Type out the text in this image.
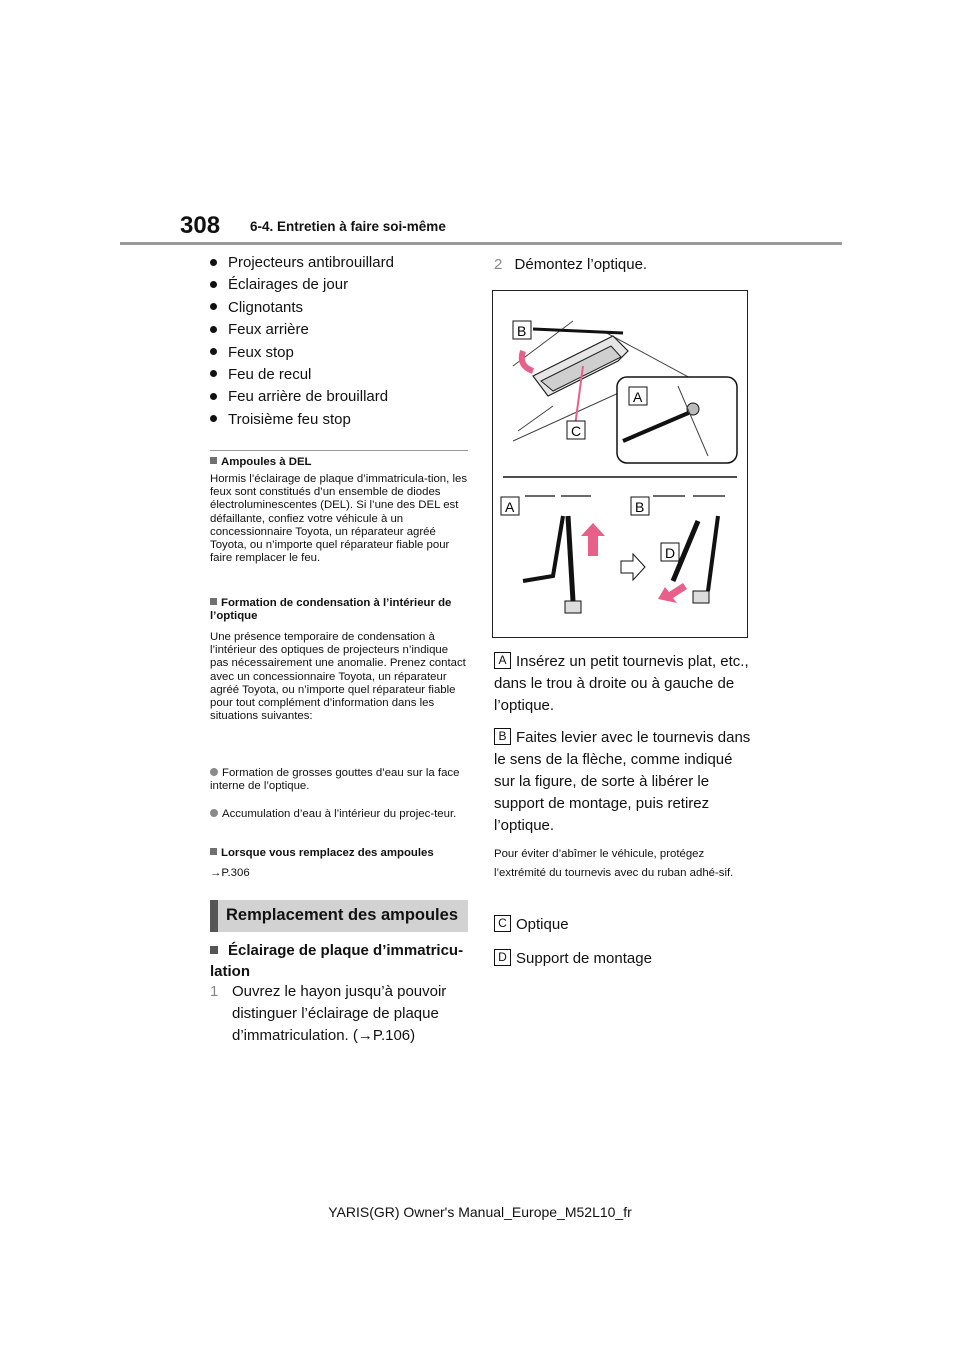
308 6-4. Entretien à faire soi-même
Projecteurs antibrouillard
Éclairages de jour
Clignotants
Feux arrière
Feux stop
Feu de recul
Feu arrière de brouillard
Troisième feu stop
Ampoules à DEL
Hormis l’éclairage de plaque d’immatricula-tion, les feux sont constitués d’un ensemble de diodes électroluminescentes (DEL). Si l’une des DEL est défaillante, confiez votre véhicule à un concessionnaire Toyota, un réparateur agréé Toyota, ou n’importe quel réparateur fiable pour faire remplacer le feu.
Formation de condensation à l’intérieur de l’optique
Une présence temporaire de condensation à l’intérieur des optiques de projecteurs n’indique pas nécessairement une anomalie. Prenez contact avec un concessionnaire Toyota, un réparateur agréé Toyota, ou n’importe quel réparateur fiable pour tout complément d’information dans les situations suivantes:
Formation de grosses gouttes d’eau sur la face interne de l’optique.
Accumulation d’eau à l’intérieur du projec-teur.
Lorsque vous remplacez des ampoules
→P.306
Remplacement des ampoules
Éclairage de plaque d’immatricu-lation
1 Ouvrez le hayon jusqu’à pouvoir distinguer l’éclairage de plaque d’immatriculation. (→P.106)
2 Démontez l’optique.
B
C
A
A	B
D
A Insérez un petit tournevis plat, etc., dans le trou à droite ou à gauche de l’optique.
B Faites levier avec le tournevis dans le sens de la flèche, comme indiqué sur la figure, de sorte à libérer le support de montage, puis retirez l’optique.
Pour éviter d’abîmer le véhicule, protégez l’extrémité du tournevis avec du ruban adhé-sif.
C Optique
D Support de montage
YARIS(GR) Owner's Manual_Europe_M52L10_fr
